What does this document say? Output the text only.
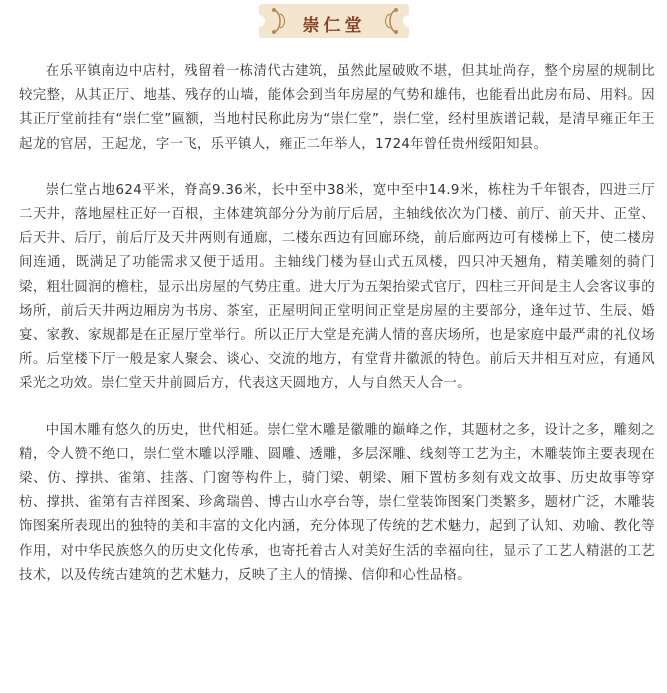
崇仁堂

在乐平镇南边中店村，残留着一栋清代古建筑，虽然此屋破败不堪，但其址尚存，整个房屋的规制比较完整，从其正厅、地基、残存的山墙，能体会到当年房屋的气势和雄伟，也能看出此房布局、用料。因其正厅堂前挂有“崇仁堂”匾额，当地村民称此房为“崇仁堂”，崇仁堂，经村里族谱记载，是清早雍正年王起龙的官居，王起龙，字一飞，乐平镇人，雍正二年举人，1724年曾任贵州绥阳知县。

崇仁堂占地624平米，脊高9.36米，长中至中38米，宽中至中14.9米，栋柱为千年银杏，四进三厅二天井，落地屋柱正好一百根，主体建筑部分分为前厅后居，主轴线依次为门楼、前厅、前天井、正堂、后天井、后厅，前后厅及天井两则有通廊，二楼东西边有回廊环绕，前后廊两边可有楼梯上下，使二楼房间连通，既满足了功能需求又便于适用。主轴线门楼为昼山式五凤楼，四只冲天翘角，精美雕刻的骑门梁，粗壮圆润的檐柱，显示出房屋的气势庄重。进大厅为五架抬梁式官厅，四柱三开间是主人会客议事的场所，前后天井两边厢房为书房、茶室，正屋明间正堂明间正堂是房屋的主要部分，逢年过节、生辰、婚宴、家教、家规都是在正屋厅堂举行。所以正厅大堂是充满人情的喜庆场所，也是家庭中最严肃的礼仪场所。后堂楼下厅一般是家人聚会、谈心、交流的地方，有堂背井徽派的特色。前后天井相互对应，有通风采光之功效。崇仁堂天井前圆后方，代表这天圆地方，人与自然天人合一。

中国木雕有悠久的历史，世代相延。崇仁堂木雕是徽雕的巅峰之作，其题材之多，设计之多，雕刻之精，令人赞不绝口，崇仁堂木雕以浮雕、圆雕、透雕，多层深雕、线刻等工艺为主，木雕装饰主要表现在梁、仿、撑拱、雀第、挂落、门窗等构件上，骑门梁、朝梁、厢下置枋多刻有戏文故事、历史故事等穿枋、撑拱、雀第有吉祥图案、珍禽瑞兽、博古山水亭台等，崇仁堂装饰图案门类繁多，题材广泛，木雕装饰图案所表现出的独特的美和丰富的文化内涵，充分体现了传统的艺术魅力，起到了认知、劝喻、教化等作用，对中华民族悠久的历史文化传承，也寄托着古人对美好生活的幸福向往，显示了工艺人精湛的工艺技术，以及传统古建筑的艺术魅力，反映了主人的情操、信仰和心性品格。
